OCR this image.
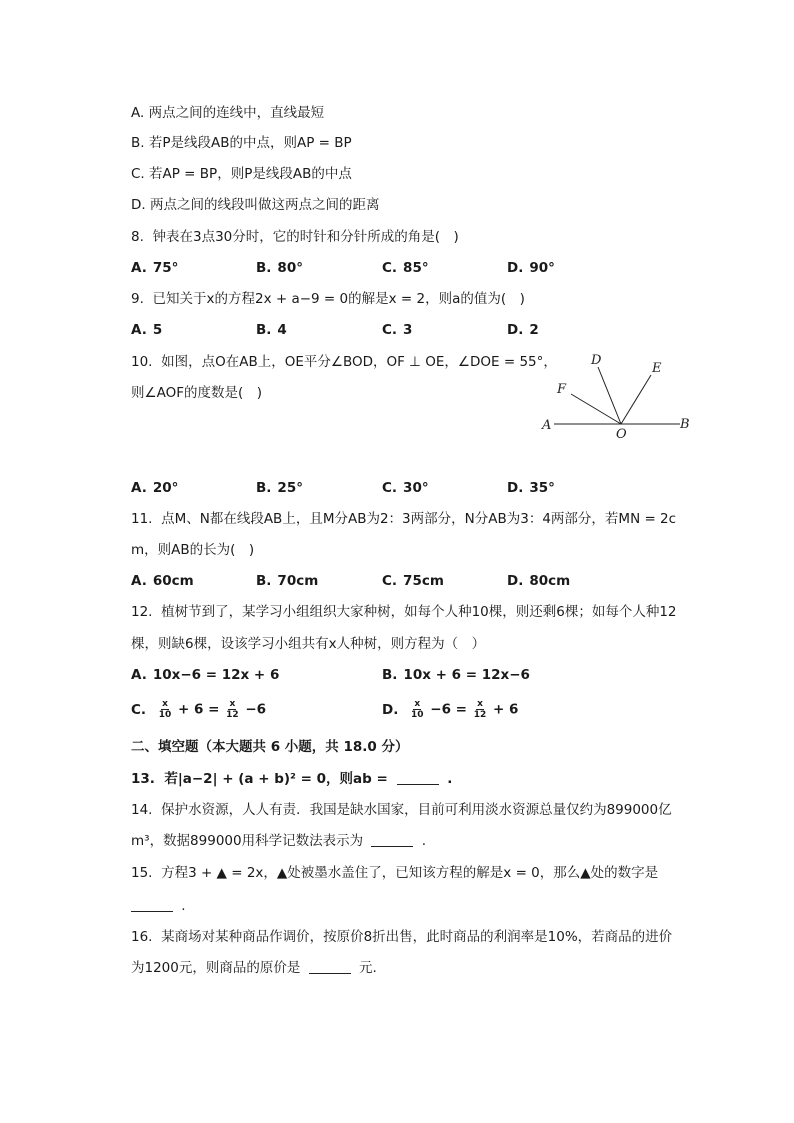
A. 两点之间的连线中，直线最短
B. 若P是线段AB的中点，则AP = BP
C. 若AP = BP，则P是线段AB的中点
D. 两点之间的线段叫做这两点之间的距离
8. 钟表在3点30分时，它的时针和分针所成的角是(　)
A. 75°	B. 80°	C. 85°	D. 90°
9. 已知关于x的方程2x + a−9 = 0的解是x = 2，则a的值为(　)
A. 5	B. 4	C. 3	D. 2
10. 如图，点O在AB上，OE平分∠BOD，OF ⊥ OE，∠DOE = 55°，
则∠AOF的度数是(　)
A	B
O
D
E
F
A. 20°	B. 25°	C. 30°	D. 35°
11. 点M、N都在线段AB上，且M分AB为2：3两部分，N分AB为3：4两部分，若MN = 2c
m，则AB的长为(　)
A. 60cm	B. 70cm	C. 75cm	D. 80cm
12. 植树节到了，某学习小组组织大家种树，如每个人种10棵，则还剩6棵；如每个人种12
棵，则缺6棵，设该学习小组共有x人种树，则方程为（　）
A. 10x−6 = 12x + 6	B. 10x + 6 = 12x−6
C. $\frac{x}{10} + 6 = \frac{x}{12} -6$	D. $\frac{x}{10} -6 = \frac{x}{12} + 6$
二、填空题（本大题共 6 小题，共 18.0 分）
13. 若|a−2| + (a + b)² = 0，则ab =	.
14. 保护水资源，人人有责．我国是缺水国家，目前可利用淡水资源总量仅约为899000亿
m³，数据899000用科学记数法表示为	.
15. 方程3 + ▲ = 2x，▲处被墨水盖住了，已知该方程的解是x = 0，那么▲处的数字是
.
16. 某商场对某种商品作调价，按原价8折出售，此时商品的利润率是10%，若商品的进价
为1200元，则商品的原价是	元.
